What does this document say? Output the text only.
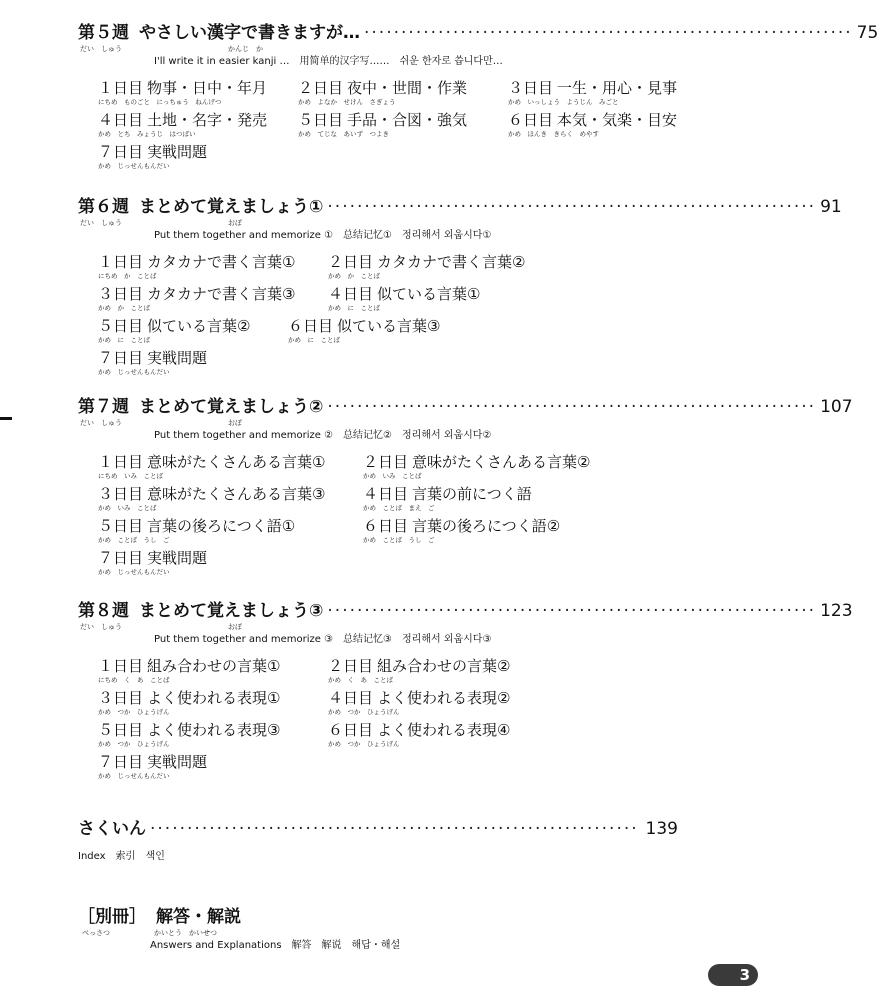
第５週 やさしい漢字で書きますが… ·································································· 75
だい　しゅう	かんじ　か
I'll write it in easier kanji …　用简单的汉字写……　쉬운 한자로 씁니다만…
１日目 物事・日中・年月
にちめ　ものごと　にっちゅう　ねんげつ
２日目 夜中・世間・作業
かめ　よなか　せけん　さぎょう
３日目 一生・用心・見事
かめ　いっしょう　ようじん　みごと
４日目 土地・名字・発売
かめ　とち　みょうじ　はつばい
５日目 手品・合図・強気
かめ　てじな　あいず　つよき
６日目 本気・気楽・目安
かめ　ほんき　きらく　めやす
７日目 実戦問題
かめ　じっせんもんだい
第６週 まとめて覚えましょう① ·································································· 91
だい　しゅう	おぼ
Put them together and memorize ①　总结记忆①　정리해서 외웁시다①
１日目 カタカナで書く言葉①
にちめ　か　ことば
２日目 カタカナで書く言葉②
かめ　か　ことば
３日目 カタカナで書く言葉③
かめ　か　ことば
４日目 似ている言葉①
かめ　に　ことば
５日目 似ている言葉②
かめ　に　ことば
６日目 似ている言葉③
かめ　に　ことば
７日目 実戦問題
かめ　じっせんもんだい
第７週 まとめて覚えましょう② ·································································· 107
だい　しゅう	おぼ
Put them together and memorize ②　总结记忆②　정리해서 외웁시다②
１日目 意味がたくさんある言葉①
にちめ　いみ　ことば
２日目 意味がたくさんある言葉②
かめ　いみ　ことば
３日目 意味がたくさんある言葉③
かめ　いみ　ことば
４日目 言葉の前につく語
かめ　ことば　まえ　ご
５日目 言葉の後ろにつく語①
かめ　ことば　うし　ご
６日目 言葉の後ろにつく語②
かめ　ことば　うし　ご
７日目 実戦問題
かめ　じっせんもんだい
第８週 まとめて覚えましょう③ ·································································· 123
だい　しゅう	おぼ
Put them together and memorize ③　总结记忆③　정리해서 외웁시다③
１日目 組み合わせの言葉①
にちめ　く　あ　ことば
２日目 組み合わせの言葉②
かめ　く　あ　ことば
３日目 よく使われる表現①
かめ　つか　ひょうげん
４日目 よく使われる表現②
かめ　つか　ひょうげん
５日目 よく使われる表現③
かめ　つか　ひょうげん
６日目 よく使われる表現④
かめ　つか　ひょうげん
７日目 実戦問題
かめ　じっせんもんだい
さくいん ·································································· 139
Index　索引　색인
［別冊］ 解答・解説
べっさつ	かいとう　かいせつ
Answers and Explanations　解答　解说　해답・해설
3
